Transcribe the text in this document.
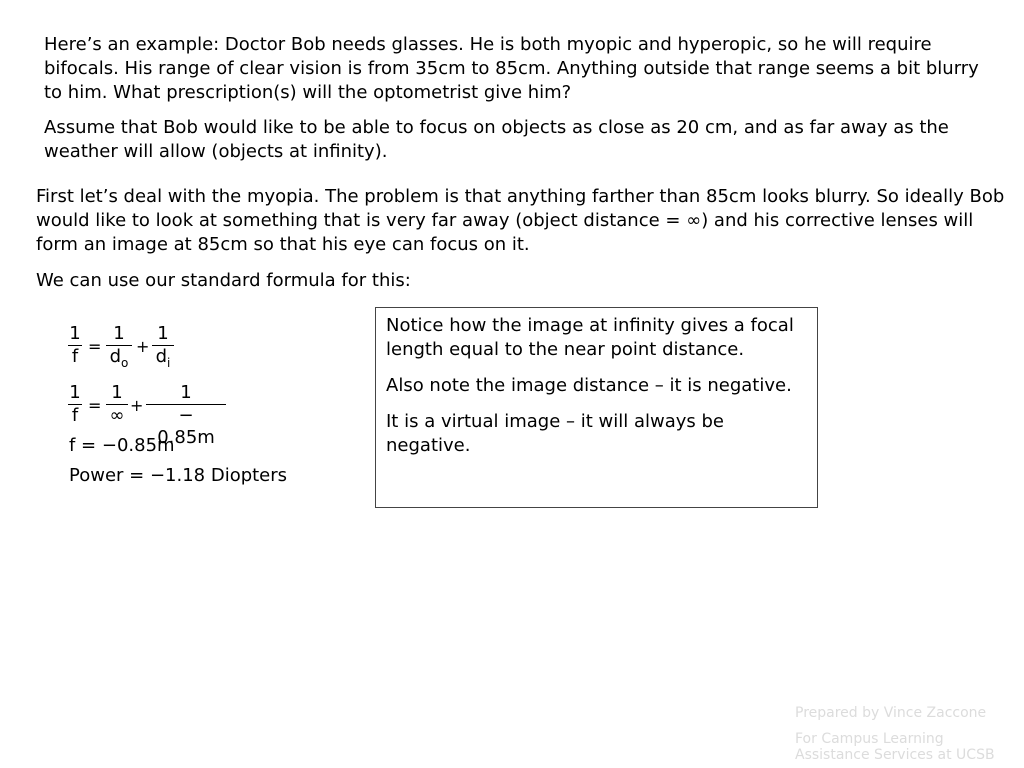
Here’s an example: Doctor Bob needs glasses. He is both myopic and hyperopic, so he will require bifocals. His range of clear vision is from 35cm to 85cm. Anything outside that range seems a bit blurry to him. What prescription(s) will the optometrist give him?

Assume that Bob would like to be able to focus on objects as close as 20 cm, and as far away as the weather will allow (objects at infinity).

First let’s deal with the myopia. The problem is that anything farther than 85cm looks blurry. So ideally Bob would like to look at something that is very far away (object distance = ∞) and his corrective lenses will form an image at 85cm so that his eye can focus on it.

We can use our standard formula for this:

1
f =
1
$d_o$
+
1
$d_i$
1
f =
1
∞ +
1
− 0.85m
f = −0.85m
Power = −1.18 Diopters

Notice how the image at infinity gives a focal length equal to the near point distance.

Also note the image distance – it is negative.

It is a virtual image – it will always be negative.

Prepared by Vince Zaccone
For Campus Learning Assistance Services at UCSB
